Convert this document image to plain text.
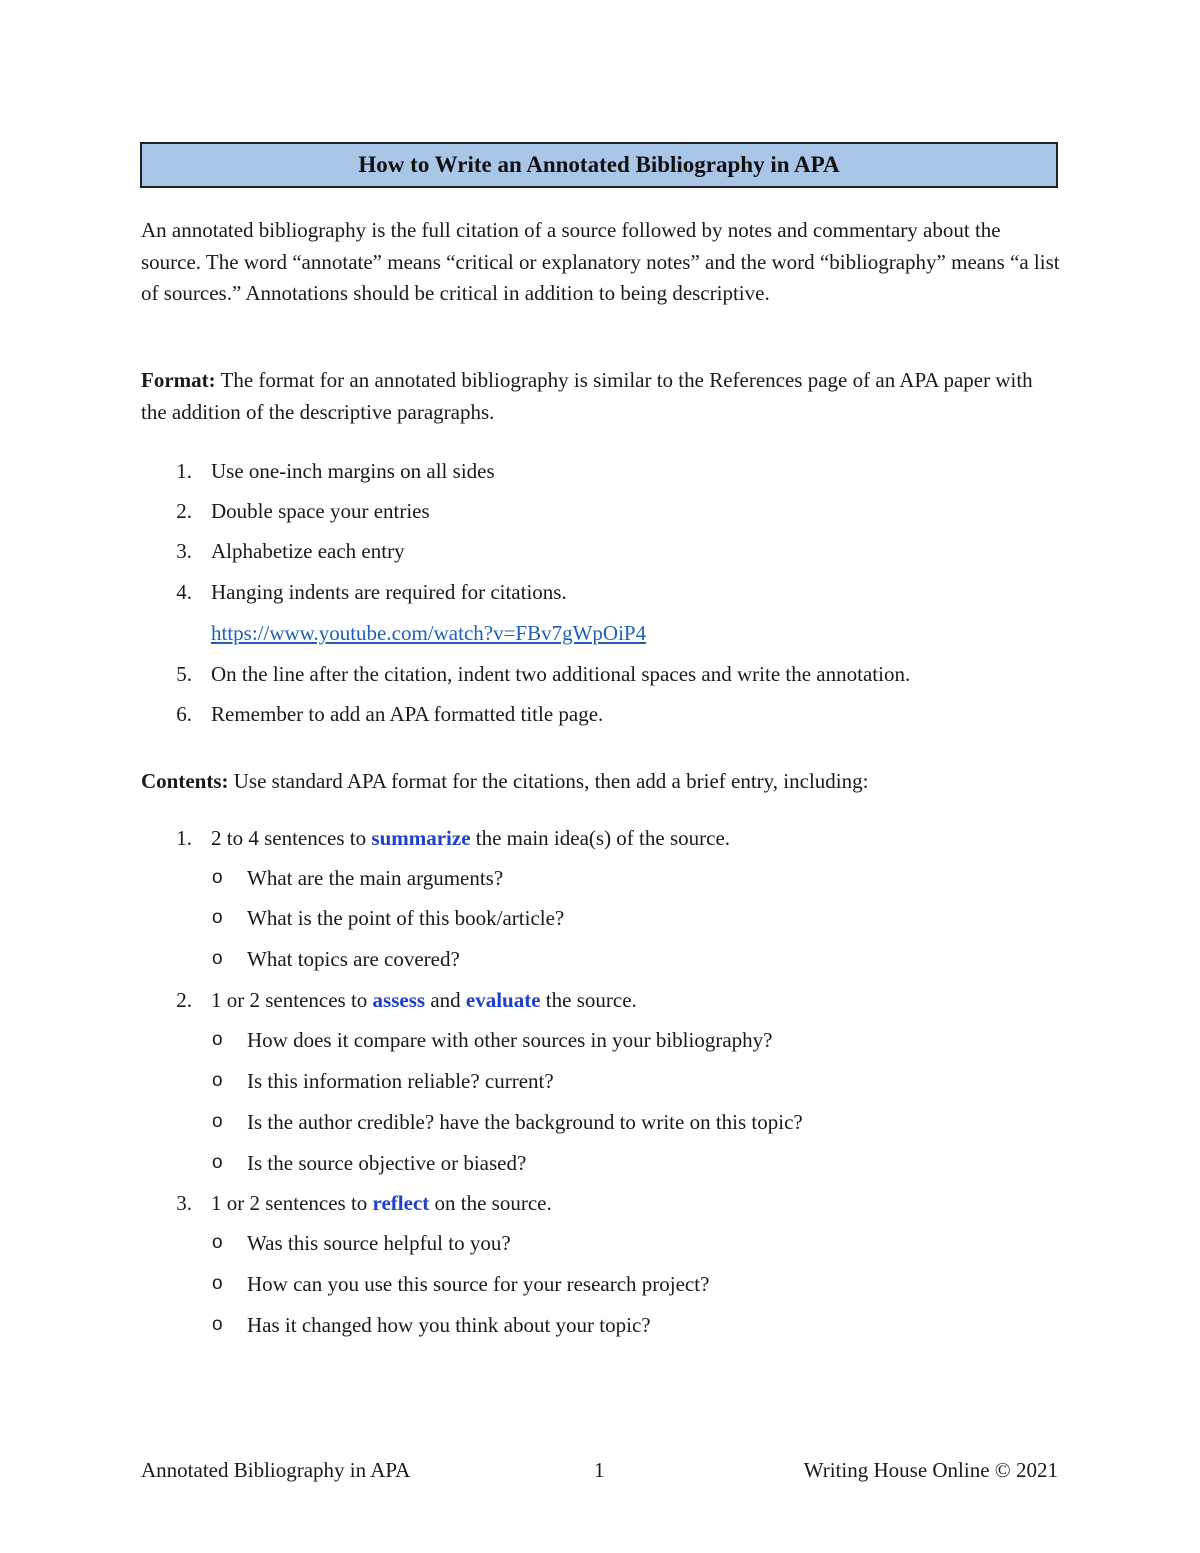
How to Write an Annotated Bibliography in APA

An annotated bibliography is the full citation of a source followed by notes and commentary about the source. The word “annotate” means “critical or explanatory notes” and the word “bibliography” means “a list of sources.” Annotations should be critical in addition to being descriptive.

Format: The format for an annotated bibliography is similar to the References page of an APA paper with the addition of the descriptive paragraphs.

1. Use one-inch margins on all sides
2. Double space your entries
3. Alphabetize each entry
4. Hanging indents are required for citations.
https://www.youtube.com/watch?v=FBv7gWpOiP4
5. On the line after the citation, indent two additional spaces and write the annotation.
6. Remember to add an APA formatted title page.

Contents: Use standard APA format for the citations, then add a brief entry, including:

1. 2 to 4 sentences to summarize the main idea(s) of the source.
o What are the main arguments?
o What is the point of this book/article?
o What topics are covered?
2. 1 or 2 sentences to assess and evaluate the source.
o How does it compare with other sources in your bibliography?
o Is this information reliable? current?
o Is the author credible? have the background to write on this topic?
o Is the source objective or biased?
3. 1 or 2 sentences to reflect on the source.
o Was this source helpful to you?
o How can you use this source for your research project?
o Has it changed how you think about your topic?
Annotated Bibliography in APA	1	Writing House Online © 2021
